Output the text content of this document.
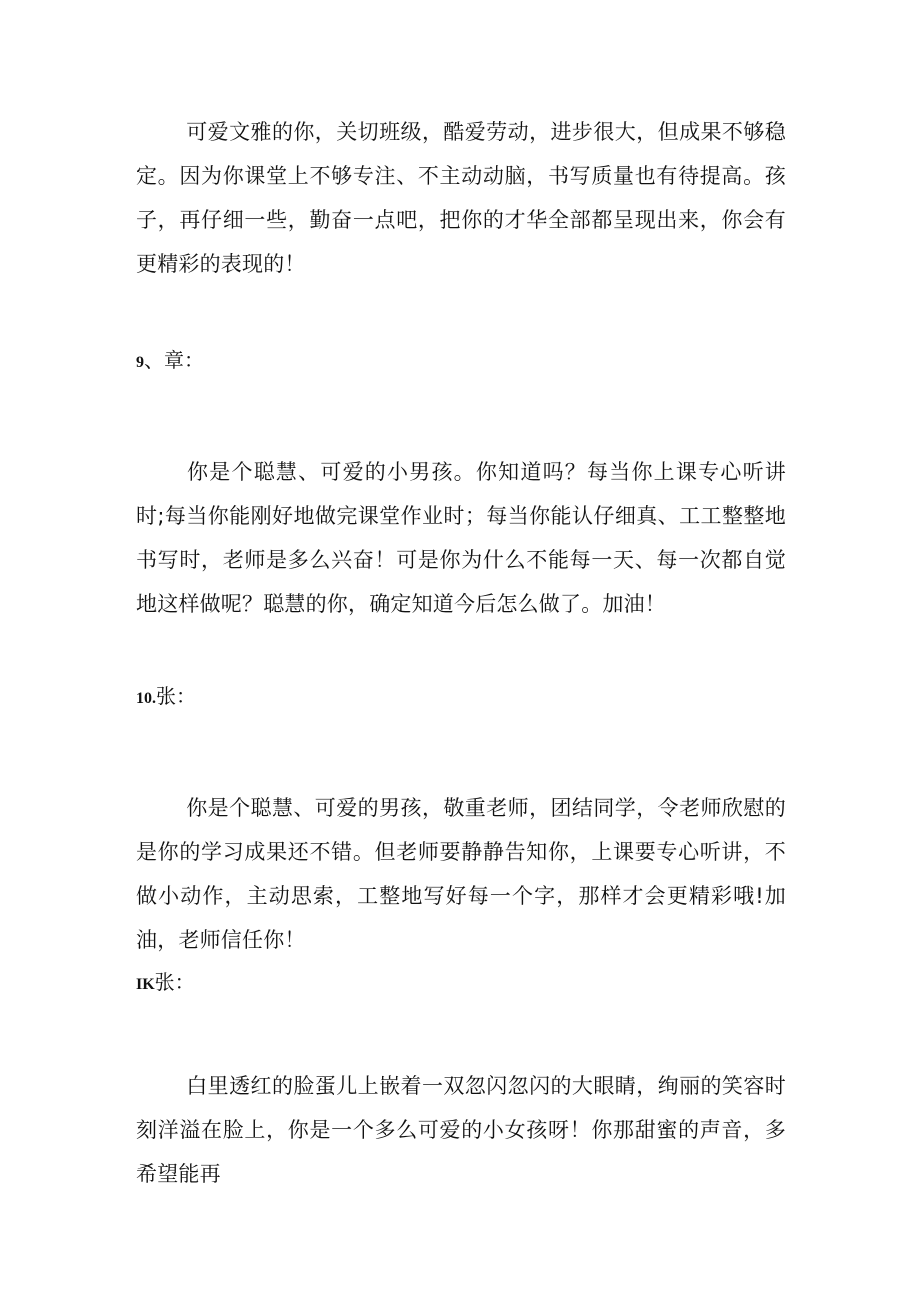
可爱文雅的你，关切班级，酷爱劳动，进步很大，但成果不够稳定。因为你课堂上不够专注、不主动动脑，书写质量也有待提高。孩子，再仔细一些，勤奋一点吧，把你的才华全部都呈现出来，你会有更精彩的表现的！

9、章：

你是个聪慧、可爱的小男孩。你知道吗？每当你上课专心听讲时;每当你能刚好地做完课堂作业时；每当你能认仔细真、工工整整地书写时，老师是多么兴奋！可是你为什么不能每一天、每一次都自觉地这样做呢？聪慧的你，确定知道今后怎么做了。加油！

10.张：

你是个聪慧、可爱的男孩，敬重老师，团结同学，令老师欣慰的是你的学习成果还不错。但老师要静静告知你，上课要专心听讲，不做小动作，主动思索，工整地写好每一个字，那样才会更精彩哦!加油，老师信任你！

IK张：

白里透红的脸蛋儿上嵌着一双忽闪忽闪的大眼睛，绚丽的笑容时刻洋溢在脸上，你是一个多么可爱的小女孩呀！你那甜蜜的声音，多希望能再
